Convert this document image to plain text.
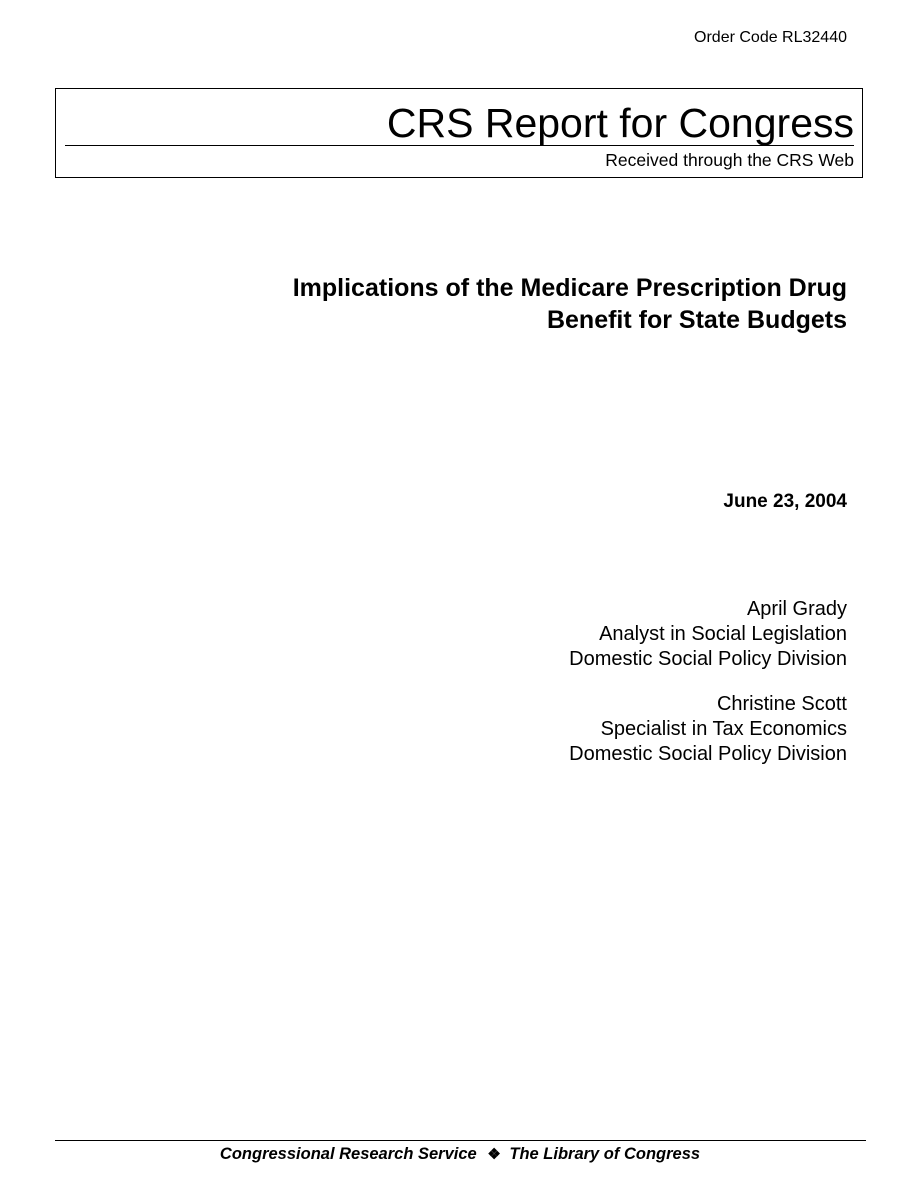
Order Code RL32440
CRS Report for Congress
Received through the CRS Web
Implications of the Medicare Prescription Drug
Benefit for State Budgets
June 23, 2004
April Grady
Analyst in Social Legislation
Domestic Social Policy Division
Christine Scott
Specialist in Tax Economics
Domestic Social Policy Division
Congressional Research Service ❖ The Library of Congress
